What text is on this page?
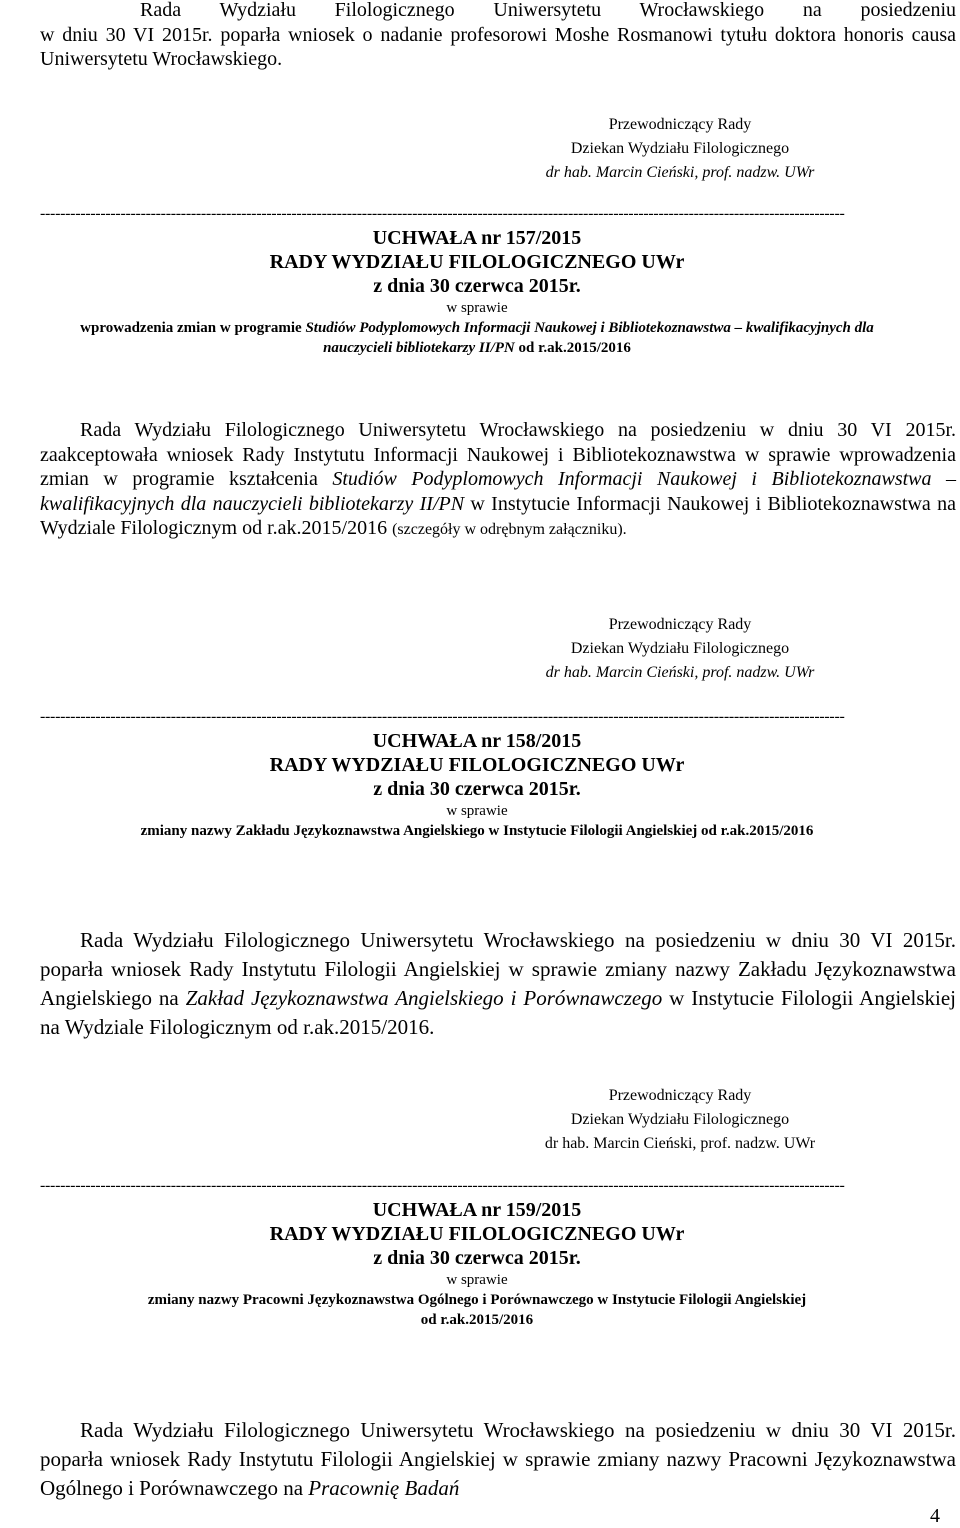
Rada Wydziału Filologicznego Uniwersytetu Wrocławskiego na posiedzeniu

w dniu 30 VI 2015r. poparła wniosek o nadanie profesorowi Moshe Rosmanowi tytułu doktora honoris causa Uniwersytetu Wrocławskiego.

Przewodniczący Rady
Dziekan Wydziału Filologicznego
dr hab. Marcin Cieński, prof. nadzw. UWr
----------------------------------------------------------------------------------------------------------------------------------------------------------------
UCHWAŁA nr 157/2015
RADY WYDZIAŁU FILOLOGICZNEGO UWr
z dnia 30 czerwca 2015r.
w sprawie
wprowadzenia zmian w programie Studiów Podyplomowych Informacji Naukowej i Bibliotekoznawstwa – kwalifikacyjnych dla nauczycieli bibliotekarzy II/PN od r.ak.2015/2016

Rada Wydziału Filologicznego Uniwersytetu Wrocławskiego na posiedzeniu w dniu 30 VI 2015r. zaakceptowała wniosek Rady Instytutu Informacji Naukowej i Bibliotekoznawstwa w sprawie wprowadzenia zmian w programie kształcenia Studiów Podyplomowych Informacji Naukowej i Bibliotekoznawstwa – kwalifikacyjnych dla nauczycieli bibliotekarzy II/PN w Instytucie Informacji Naukowej i Bibliotekoznawstwa na Wydziale Filologicznym od r.ak.2015/2016 (szczegóły w odrębnym załączniku).

Przewodniczący Rady
Dziekan Wydziału Filologicznego
dr hab. Marcin Cieński, prof. nadzw. UWr
----------------------------------------------------------------------------------------------------------------------------------------------------------------
UCHWAŁA nr 158/2015
RADY WYDZIAŁU FILOLOGICZNEGO UWr
z dnia 30 czerwca 2015r.
w sprawie
zmiany nazwy Zakładu Językoznawstwa Angielskiego w Instytucie Filologii Angielskiej od r.ak.2015/2016

Rada Wydziału Filologicznego Uniwersytetu Wrocławskiego na posiedzeniu w dniu 30 VI 2015r. poparła wniosek Rady Instytutu Filologii Angielskiej w sprawie zmiany nazwy Zakładu Językoznawstwa Angielskiego na Zakład Językoznawstwa Angielskiego i Porównawczego w Instytucie Filologii Angielskiej na Wydziale Filologicznym od r.ak.2015/2016.

Przewodniczący Rady
Dziekan Wydziału Filologicznego
dr hab. Marcin Cieński, prof. nadzw. UWr
----------------------------------------------------------------------------------------------------------------------------------------------------------------
UCHWAŁA nr 159/2015
RADY WYDZIAŁU FILOLOGICZNEGO UWr
z dnia 30 czerwca 2015r.
w sprawie
zmiany nazwy Pracowni Językoznawstwa Ogólnego i Porównawczego w Instytucie Filologii Angielskiej
od r.ak.2015/2016

Rada Wydziału Filologicznego Uniwersytetu Wrocławskiego na posiedzeniu w dniu 30 VI 2015r. poparła wniosek Rady Instytutu Filologii Angielskiej w sprawie zmiany nazwy Pracowni Językoznawstwa Ogólnego i Porównawczego na Pracownię Badań

4
